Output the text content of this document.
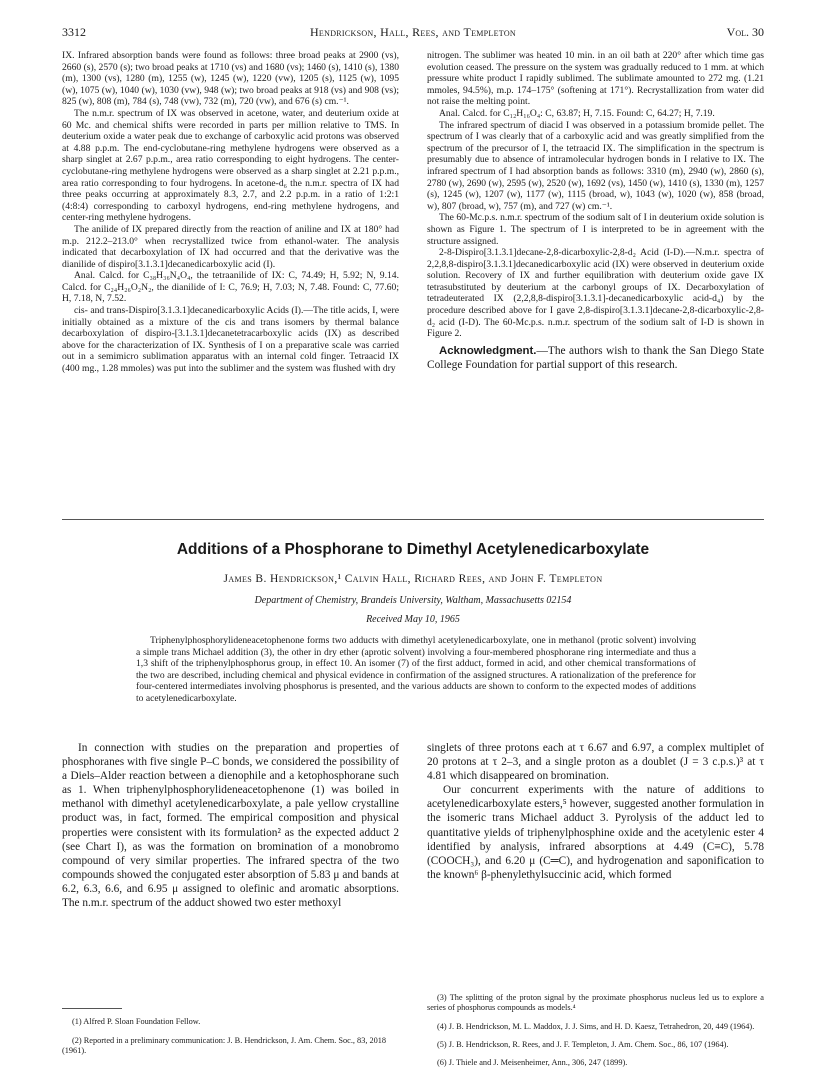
3312	Hendrickson, Hall, Rees, and Templeton	Vol. 30

IX. Infrared absorption bands were found as follows: three broad peaks at 2900 (vs), 2660 (s), 2570 (s); two broad peaks at 1710 (vs) and 1680 (vs); 1460 (s), 1410 (s), 1380 (m), 1300 (vs), 1280 (m), 1255 (w), 1245 (w), 1220 (vw), 1205 (s), 1125 (w), 1095 (w), 1075 (w), 1040 (w), 1030 (vw), 948 (w); two broad peaks at 918 (vs) and 908 (vs); 825 (w), 808 (m), 784 (s), 748 (vw), 732 (m), 720 (vw), and 676 (s) cm.⁻¹.

The n.m.r. spectrum of IX was observed in acetone, water, and deuterium oxide at 60 Mc. and chemical shifts were recorded in parts per million relative to TMS. In deuterium oxide a water peak due to exchange of carboxylic acid protons was observed at 4.88 p.p.m. The end-cyclobutane-ring methylene hydrogens were observed as a sharp singlet at 2.67 p.p.m., area ratio corresponding to eight hydrogens. The center-cyclobutane-ring methylene hydrogens were observed as a sharp singlet at 2.21 p.p.m., area ratio corresponding to four hydrogens. In acetone-d₆ the n.m.r. spectra of IX had three peaks occurring at approximately 8.3, 2.7, and 2.2 p.p.m. in a ratio of 1:2:1 (4:8:4) corresponding to carboxyl hydrogens, end-ring methylene hydrogens, and center-ring methylene hydrogens.

The anilide of IX prepared directly from the reaction of aniline and IX at 180° had m.p. 212.2–213.0° when recrystallized twice from ethanol-water. The analysis indicated that decarboxylation of IX had occurred and that the derivative was the dianilide of dispiro[3.1.3.1]decanedicarboxylic acid (I).

Anal. Calcd. for C₃₈H₃₆N₄O₄, the tetraanilide of IX: C, 74.49; H, 5.92; N, 9.14. Calcd. for C₂₄H₂₆O₂N₂, the dianilide of I: C, 76.9; H, 7.03; N, 7.48. Found: C, 77.60; H, 7.18, N, 7.52.

cis- and trans-Dispiro[3.1.3.1]decanedicarboxylic Acids (I).—The title acids, I, were initially obtained as a mixture of the cis and trans isomers by thermal balance decarboxylation of dispiro-[3.1.3.1]decanetetracarboxylic acids (IX) as described above for the characterization of IX. Synthesis of I on a preparative scale was carried out in a semimicro sublimation apparatus with an internal cold finger. Tetraacid IX (400 mg., 1.28 mmoles) was put into the sublimer and the system was flushed with dry

nitrogen. The sublimer was heated 10 min. in an oil bath at 220° after which time gas evolution ceased. The pressure on the system was gradually reduced to 1 mm. at which pressure white product I rapidly sublimed. The sublimate amounted to 272 mg. (1.21 mmoles, 94.5%), m.p. 174–175° (softening at 171°). Recrystallization from water did not raise the melting point.

Anal. Calcd. for C₁₂H₁₆O₄: C, 63.87; H, 7.15. Found: C, 64.27; H, 7.19.

The infrared spectrum of diacid I was observed in a potassium bromide pellet. The spectrum of I was clearly that of a carboxylic acid and was greatly simplified from the spectrum of the precursor of I, the tetraacid IX. The simplification in the spectrum is presumably due to absence of intramolecular hydrogen bonds in I relative to IX. The infrared spectrum of I had absorption bands as follows: 3310 (m), 2940 (w), 2860 (s), 2780 (w), 2690 (w), 2595 (w), 2520 (w), 1692 (vs), 1450 (w), 1410 (s), 1330 (m), 1257 (s), 1245 (w), 1207 (w), 1177 (w), 1115 (broad, w), 1043 (w), 1020 (w), 858 (broad, w), 807 (broad, w), 757 (m), and 727 (w) cm.⁻¹.

The 60-Mc.p.s. n.m.r. spectrum of the sodium salt of I in deuterium oxide solution is shown as Figure 1. The spectrum of I is interpreted to be in agreement with the structure assigned.

2-8-Dispiro[3.1.3.1]decane-2,8-dicarboxylic-2,8-d₂ Acid (I-D).—N.m.r. spectra of 2,2,8,8-dispiro[3.1.3.1]decanedicarboxylic acid (IX) were observed in deuterium oxide solution. Recovery of IX and further equilibration with deuterium oxide gave IX tetrasubstituted by deuterium at the carbonyl groups of IX. Decarboxylation of tetradeuterated IX (2,2,8,8-dispiro[3.1.3.1]-decanedicarboxylic acid-d₄) by the procedure described above for I gave 2,8-dispiro[3.1.3.1]decane-2,8-dicarboxylic-2,8-d₂ acid (I-D). The 60-Mc.p.s. n.m.r. spectrum of the sodium salt of I-D is shown in Figure 2.

Acknowledgment.—The authors wish to thank the San Diego State College Foundation for partial support of this research.

Additions of a Phosphorane to Dimethyl Acetylenedicarboxylate
James B. Hendrickson,¹ Calvin Hall, Richard Rees, and John F. Templeton
Department of Chemistry, Brandeis University, Waltham, Massachusetts 02154
Received May 10, 1965
Triphenylphosphorylideneacetophenone forms two adducts with dimethyl acetylenedicarboxylate, one in methanol (protic solvent) involving a simple trans Michael addition (3), the other in dry ether (aprotic solvent) involving a four-membered phosphorane ring intermediate and thus a 1,3 shift of the triphenylphosphorus group, in effect 10. An isomer (7) of the first adduct, formed in acid, and other chemical transformations of the two are described, including chemical and physical evidence in confirmation of the assigned structures. A rationalization of the preference for four-centered intermediates involving phosphorus is presented, and the various adducts are shown to conform to the expected modes of additions to acetylenedicarboxylate.

In connection with studies on the preparation and properties of phosphoranes with five single P–C bonds, we considered the possibility of a Diels–Alder reaction between a dienophile and a ketophosphorane such as 1. When triphenylphosphorylideneacetophenone (1) was boiled in methanol with dimethyl acetylenedicarboxylate, a pale yellow crystalline product was, in fact, formed. The empirical composition and physical properties were consistent with its formulation² as the expected adduct 2 (see Chart I), as was the formation on bromination of a monobromo compound of very similar properties. The infrared spectra of the two compounds showed the conjugated ester absorption of 5.83 μ and bands at 6.2, 6.3, 6.6, and 6.95 μ assigned to olefinic and aromatic absorptions. The n.m.r. spectrum of the adduct showed two ester methoxyl

singlets of three protons each at τ 6.67 and 6.97, a complex multiplet of 20 protons at τ 2–3, and a single proton as a doublet (J = 3 c.p.s.)³ at τ 4.81 which disappeared on bromination.

Our concurrent experiments with the nature of additions to acetylenedicarboxylate esters,⁵ however, suggested another formulation in the isomeric trans Michael adduct 3. Pyrolysis of the adduct led to quantitative yields of triphenylphosphine oxide and the acetylenic ester 4 identified by analysis, infrared absorptions at 4.49 (C≡C), 5.78 (COOCH₃), and 6.20 μ (C═C), and hydrogenation and saponification to the known⁶ β-phenylethylsuccinic acid, which formed

(1) Alfred P. Sloan Foundation Fellow.

(2) Reported in a preliminary communication: J. B. Hendrickson, J. Am. Chem. Soc., 83, 2018 (1961).

(3) The splitting of the proton signal by the proximate phosphorus nucleus led us to explore a series of phosphorus compounds as models.⁴

(4) J. B. Hendrickson, M. L. Maddox, J. J. Sims, and H. D. Kaesz, Tetrahedron, 20, 449 (1964).

(5) J. B. Hendrickson, R. Rees, and J. F. Templeton, J. Am. Chem. Soc., 86, 107 (1964).

(6) J. Thiele and J. Meisenheimer, Ann., 306, 247 (1899).
